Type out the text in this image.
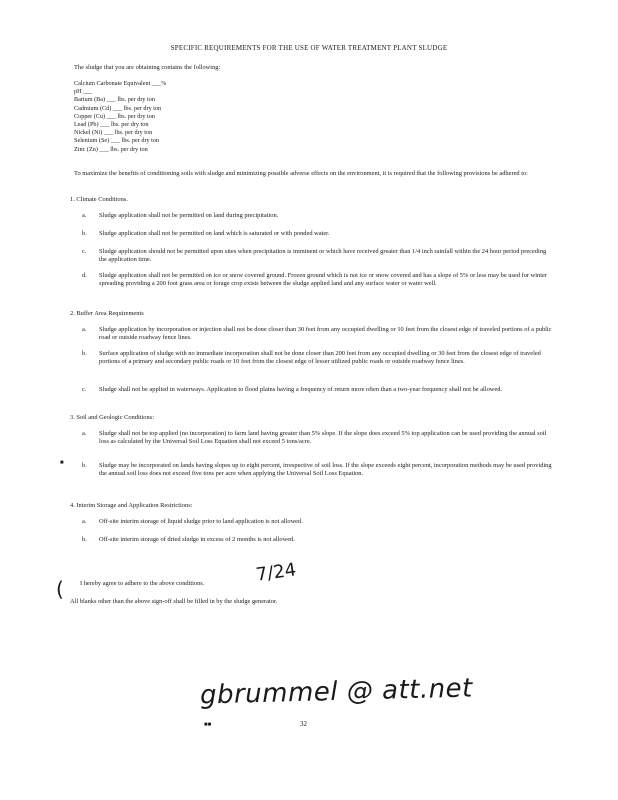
SPECIFIC REQUIREMENTS FOR THE USE OF WATER TREATMENT PLANT SLUDGE
The sludge that you are obtaining contains the following:
Calcium Carbonate Equivalent ___%
pH ___
Barium (Ba) ___ lbs. per dry ton
Cadmium (Cd) ___ lbs. per dry ton
Copper (Cu) ___ lbs. per dry ton
Lead (Pb) ___ lbs. per dry ton
Nickel (Ni) ___ lbs. per dry ton
Selenium (Se) ___ lbs. per dry ton
Zinc (Zn) ___ lbs. per dry ton
To maximize the benefits of conditioning soils with sludge and minimizing possible adverse effects on the environment, it is required that the following provisions be adhered to:
1. Climate Conditions.
a. Sludge application shall not be permitted on land during precipitation.
b. Sludge application shall not be permitted on land which is saturated or with ponded water.
c. Sludge application should not be permitted upon sites when precipitation is imminent or which have received greater than 1/4 inch rainfall within the 24 hour period preceding the application time.
d. Sludge application shall not be permitted on ice or snow covered ground. Frozen ground which is not ice or snow covered and has a slope of 5% or less may be used for winter spreading providing a 200 foot grass area or forage crop exists between the sludge applied land and any surface water or water well.
2. Buffer Area Requirements
a. Sludge application by incorporation or injection shall not be done closer than 30 feet from any occupied dwelling or 10 feet from the closest edge of traveled portions of a public road or outside roadway fence lines.
b. Surface application of sludge with no immediate incorporation shall not be done closer than 200 feet from any occupied dwelling or 30 feet from the closest edge of traveled portions of a primary and secondary public roads or 10 feet from the closest edge of lesser utilized public roads or outside roadway fence lines.
c. Sludge shall not be applied in waterways. Application to flood plains having a frequency of return more often than a two-year frequency shall not be allowed.
3. Soil and Geologic Conditions:
a. Sludge shall not be top applied (no incorporation) to farm land having greater than 5% slope. If the slope does exceed 5% top application can be used providing the annual soil loss as calculated by the Universal Soil Loss Equation shall not exceed 5 tons/acre.
■	b. Sludge may be incorporated on lands having slopes up to eight percent, irrespective of soil loss. If the slope exceeds eight percent, incorporation methods may be used providing the annual soil loss does not exceed five tons per acre when applying the Universal Soil Loss Equation.
4. Interim Storage and Application Restrictions:
a. Off-site interim storage of liquid sludge prior to land application is not allowed.
b. Off-site interim storage of dried sludge in excess of 2 months is not allowed.
7/24
(	I hereby agree to adhere to the above conditions.
All blanks other than the above sign-off shall be filled in by the sludge generator.
gbrummel @ att.net
■■	32
